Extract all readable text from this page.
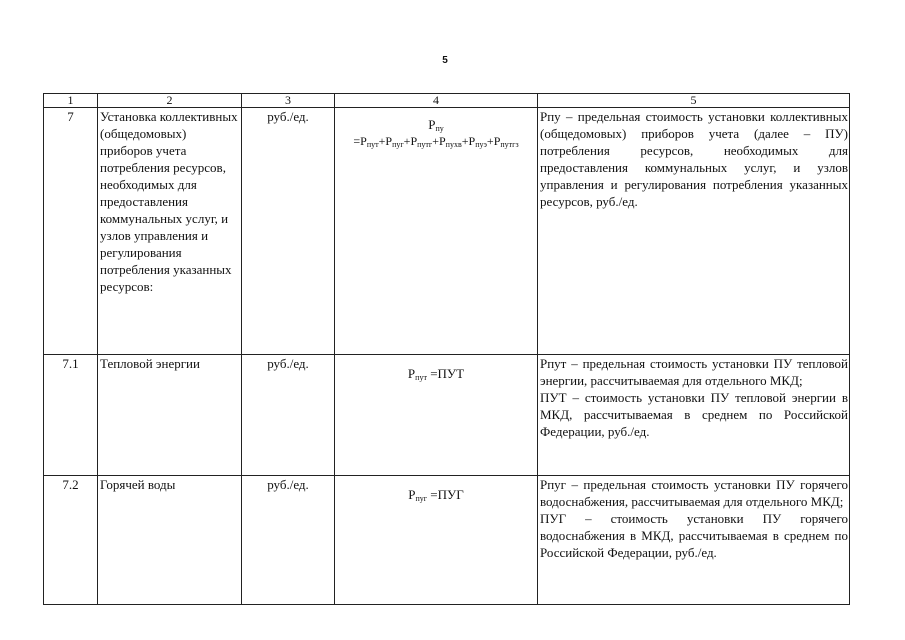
5
1	2	3	4	5
7	Установка коллективных (общедомовых) приборов учета потребления ресурсов, необходимых для предоставления коммунальных услуг, и узлов управления и регулирования потребления указанных ресурсов:	руб./ед.	$P_{пу}$
$=P_{пут}+P_{пуг}+P_{путг}+P_{пухв}+P_{пуэ}+P_{путгз}$	Pпу – предельная стоимость установки коллективных (общедомовых) приборов учета (далее – ПУ) потребления ресурсов, необходимых для предоставления коммунальных услуг, и узлов управления и регулирования потребления указанных ресурсов, руб./ед.

7.1	Тепловой энергии	руб./ед.	$P_{пут} =ПУТ$	Pпут – предельная стоимость установки ПУ тепловой энергии, рассчитываемая для отдельного МКД;

ПУТ – стоимость установки ПУ тепловой энергии в МКД, рассчитываемая в среднем по Российской Федерации, руб./ед.

7.2	Горячей воды	руб./ед.	$P_{пуг} =ПУГ$	Pпуг – предельная стоимость установки ПУ горячего водоснабжения, рассчитываемая для отдельного МКД;

ПУГ – стоимость установки ПУ горячего водоснабжения в МКД, рассчитываемая в среднем по Российской Федерации, руб./ед.
